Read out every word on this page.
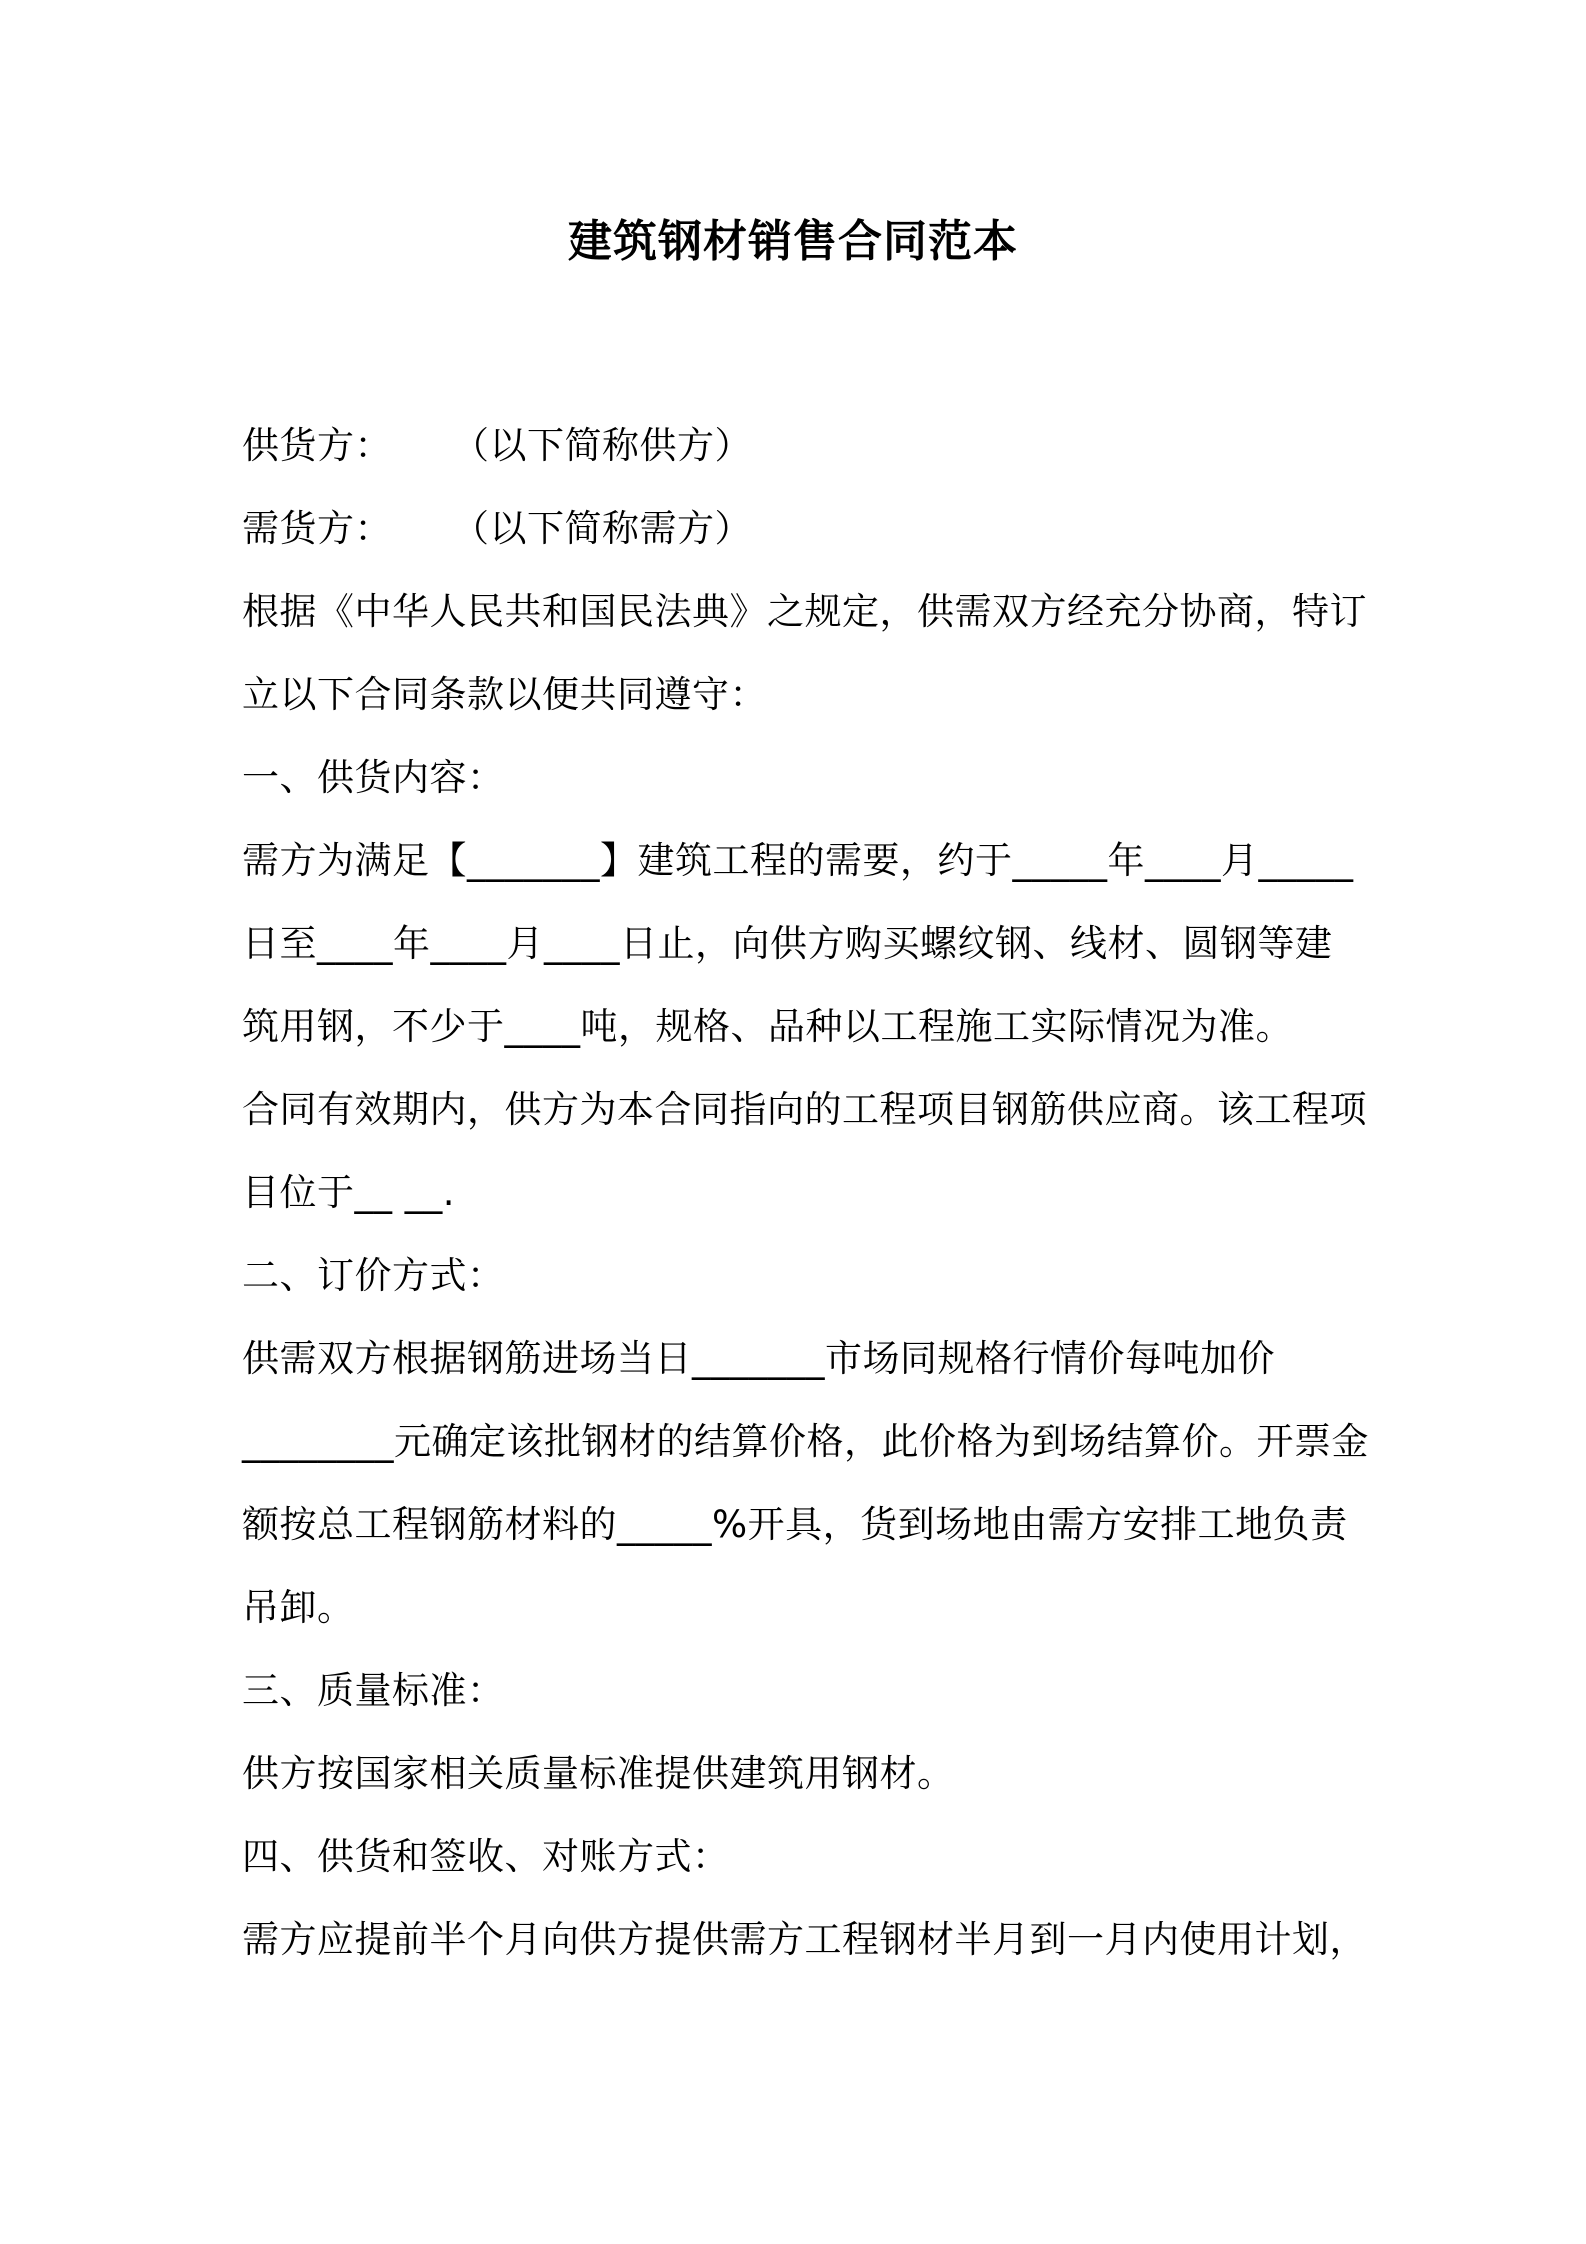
建筑钢材销售合同范本

供货方： （以下简称供方）

需货方： （以下简称需方）

根据《中华人民共和国民法典》之规定，供需双方经充分协商，特订

立以下合同条款以便共同遵守：

一、供货内容：

需方为满足【_______】建筑工程的需要，约于_____年____月_____

日至____年____月____日止，向供方购买螺纹钢、线材、圆钢等建

筑用钢，不少于____吨，规格、品种以工程施工实际情况为准。

合同有效期内，供方为本合同指向的工程项目钢筋供应商。该工程项

目位于__ __.

二、订价方式：

供需双方根据钢筋进场当日_______市场同规格行情价每吨加价

________元确定该批钢材的结算价格，此价格为到场结算价。开票金

额按总工程钢筋材料的_____%开具，货到场地由需方安排工地负责

吊卸。

三、质量标准：

供方按国家相关质量标准提供建筑用钢材。

四、供货和签收、对账方式：

需方应提前半个月向供方提供需方工程钢材半月到一月内使用计划，
